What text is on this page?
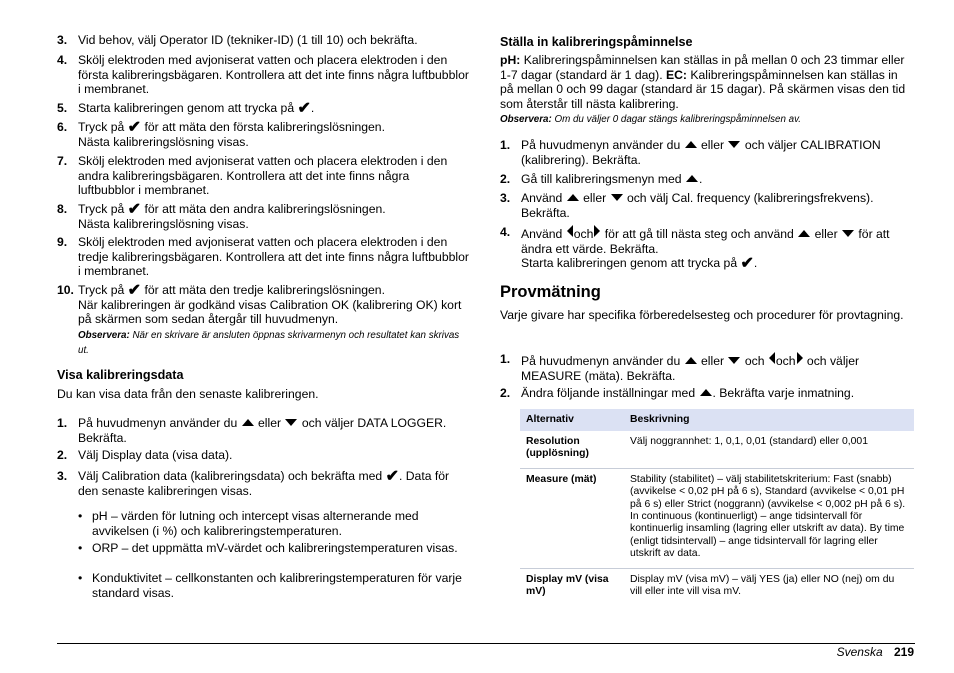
3. Vid behov, välj Operator ID (tekniker-ID) (1 till 10) och bekräfta.
4. Skölj elektroden med avjoniserat vatten och placera elektroden i den första kalibreringsbägaren. Kontrollera att det inte finns några luftbubblor i membranet.
5. Starta kalibreringen genom att trycka på ✔.
6. Tryck på ✔ för att mäta den första kalibreringslösningen.
Nästa kalibreringslösning visas.
7. Skölj elektroden med avjoniserat vatten och placera elektroden i den andra kalibreringsbägaren. Kontrollera att det inte finns några luftbubblor i membranet.
8. Tryck på ✔ för att mäta den andra kalibreringslösningen.
Nästa kalibreringslösning visas.
9. Skölj elektroden med avjoniserat vatten och placera elektroden i den tredje kalibreringsbägaren. Kontrollera att det inte finns några luftbubblor i membranet.
10. Tryck på ✔ för att mäta den tredje kalibreringslösningen.
När kalibreringen är godkänd visas Calibration OK (kalibrering OK) kort på skärmen som sedan återgår till huvudmenyn.
Observera: När en skrivare är ansluten öppnas skrivarmenyn och resultatet kan skrivas ut.
Visa kalibreringsdata
Du kan visa data från den senaste kalibreringen.
1. På huvudmenyn använder du eller och väljer DATA LOGGER. Bekräfta.
2. Välj Display data (visa data).
3. Välj Calibration data (kalibreringsdata) och bekräfta med ✔. Data för den senaste kalibreringen visas.
• pH – värden för lutning och intercept visas alternerande med avvikelsen (i %) och kalibreringstemperaturen.
• ORP – det uppmätta mV-värdet och kalibreringstemperaturen visas.
• Konduktivitet – cellkonstanten och kalibreringstemperaturen för varje standard visas.
Ställa in kalibreringspåminnelse
pH: Kalibreringspåminnelsen kan ställas in på mellan 0 och 23 timmar eller 1-7 dagar (standard är 1 dag). EC: Kalibreringspåminnelsen kan ställas in på mellan 0 och 99 dagar (standard är 15 dagar). På skärmen visas den tid som återstår till nästa kalibrering.
Observera: Om du väljer 0 dagar stängs kalibreringspåminnelsen av.
1. På huvudmenyn använder du eller och väljer CALIBRATION (kalibrering). Bekräfta.
2. Gå till kalibreringsmenyn med .
3. Använd eller och välj Cal. frequency (kalibreringsfrekvens). Bekräfta.
4. Använd och för att gå till nästa steg och använd eller för att ändra ett värde. Bekräfta.
Starta kalibreringen genom att trycka på ✔.
Provmätning
Varje givare har specifika förberedelsesteg och procedurer för provtagning.
1. På huvudmenyn använder du eller och och och väljer MEASURE (mäta). Bekräfta.
2. Ändra följande inställningar med . Bekräfta varje inmatning.
Alternativ	Beskrivning
Resolution (upplösning)	Välj noggrannhet: 1, 0,1, 0,01 (standard) eller 0,001
Measure (mät)	Stability (stabilitet) – välj stabilitetskriterium: Fast (snabb) (avvikelse < 0,02 pH på 6 s), Standard (avvikelse < 0,01 pH på 6 s) eller Strict (noggrann) (avvikelse < 0,002 pH på 6 s). In continuous (kontinuerligt) – ange tidsintervall för kontinuerlig insamling (lagring eller utskrift av data). By time (enligt tidsintervall) – ange tidsintervall för lagring eller utskrift av data.
Display mV (visa mV)	Display mV (visa mV) – välj YES (ja) eller NO (nej) om du vill eller inte vill visa mV.
Svenska 219
